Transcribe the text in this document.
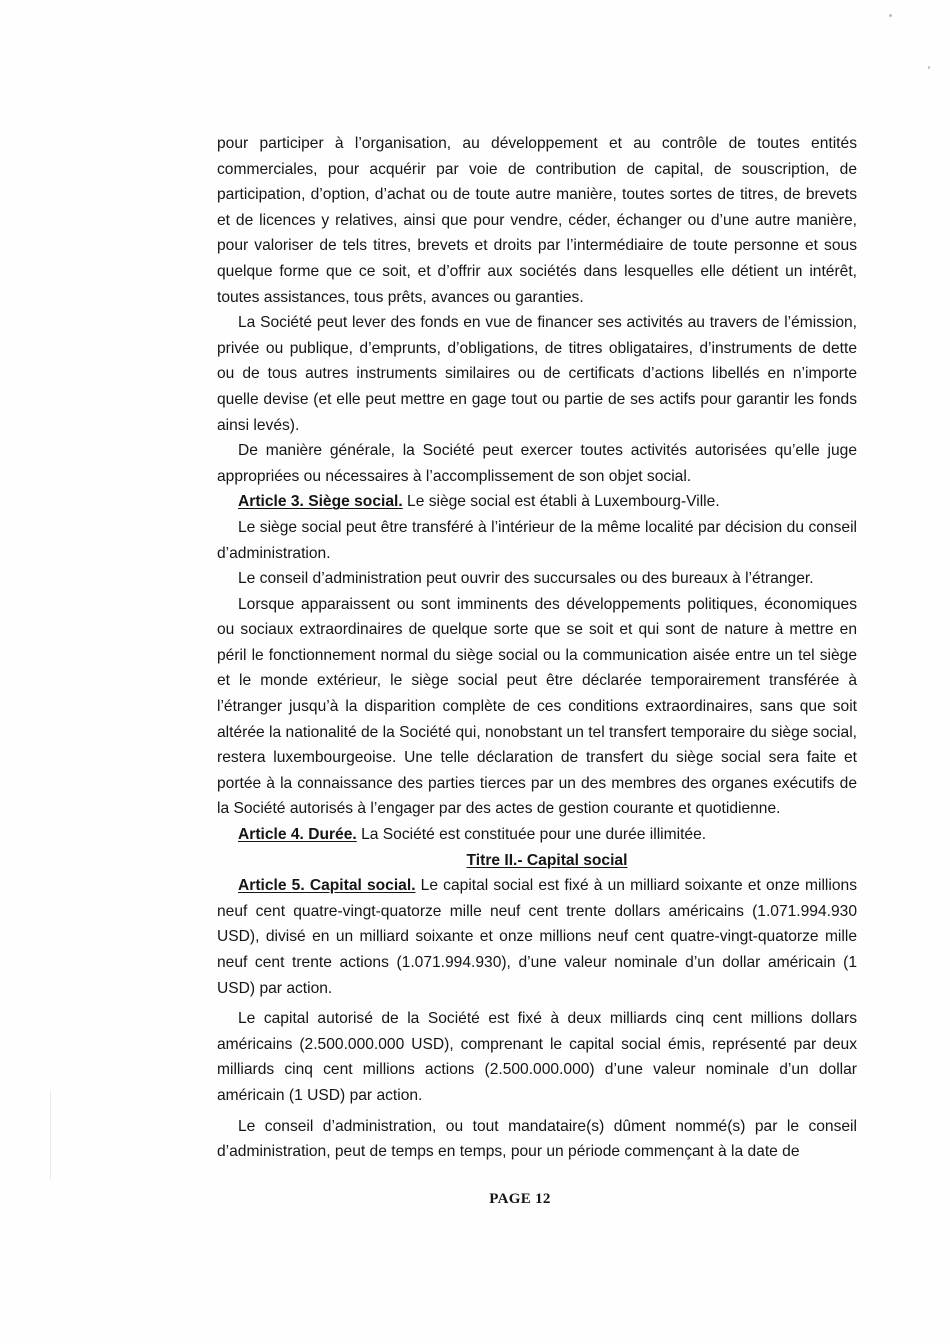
pour participer à l’organisation, au développement et au contrôle de toutes entités commerciales, pour acquérir par voie de contribution de capital, de souscription, de participation, d’option, d’achat ou de toute autre manière, toutes sortes de titres, de brevets et de licences y relatives, ainsi que pour vendre, céder, échanger ou d’une autre manière, pour valoriser de tels titres, brevets et droits par l’intermédiaire de toute personne et sous quelque forme que ce soit, et d’offrir aux sociétés dans lesquelles elle détient un intérêt, toutes assistances, tous prêts, avances ou garanties.

La Société peut lever des fonds en vue de financer ses activités au travers de l’émission, privée ou publique, d’emprunts, d’obligations, de titres obligataires, d’instruments de dette ou de tous autres instruments similaires ou de certificats d’actions libellés en n’importe quelle devise (et elle peut mettre en gage tout ou partie de ses actifs pour garantir les fonds ainsi levés).

De manière générale, la Société peut exercer toutes activités autorisées qu’elle juge appropriées ou nécessaires à l’accomplissement de son objet social.

Article 3. Siège social. Le siège social est établi à Luxembourg-Ville.

Le siège social peut être transféré à l’intérieur de la même localité par décision du conseil d’administration.

Le conseil d’administration peut ouvrir des succursales ou des bureaux à l’étranger.

Lorsque apparaissent ou sont imminents des développements politiques, économiques ou sociaux extraordinaires de quelque sorte que se soit et qui sont de nature à mettre en péril le fonctionnement normal du siège social ou la communication aisée entre un tel siège et le monde extérieur, le siège social peut être déclarée temporairement transférée à l’étranger jusqu’à la disparition complète de ces conditions extraordinaires, sans que soit altérée la nationalité de la Société qui, nonobstant un tel transfert temporaire du siège social, restera luxembourgeoise. Une telle déclaration de transfert du siège social sera faite et portée à la connaissance des parties tierces par un des membres des organes exécutifs de la Société autorisés à l’engager par des actes de gestion courante et quotidienne.

Article 4. Durée. La Société est constituée pour une durée illimitée.

Titre II.- Capital social

Article 5. Capital social. Le capital social est fixé à un milliard soixante et onze millions neuf cent quatre-vingt-quatorze mille neuf cent trente dollars américains (1.071.994.930 USD), divisé en un milliard soixante et onze millions neuf cent quatre-vingt-quatorze mille neuf cent trente actions (1.071.994.930), d’une valeur nominale d’un dollar américain (1 USD) par action.

Le capital autorisé de la Société est fixé à deux milliards cinq cent millions dollars américains (2.500.000.000 USD), comprenant le capital social émis, représenté par deux milliards cinq cent millions actions (2.500.000.000) d’une valeur nominale d’un dollar américain (1 USD) par action.

Le conseil d’administration, ou tout mandataire(s) dûment nommé(s) par le conseil d’administration, peut de temps en temps, pour un période commençant à la date de

PAGE 12
